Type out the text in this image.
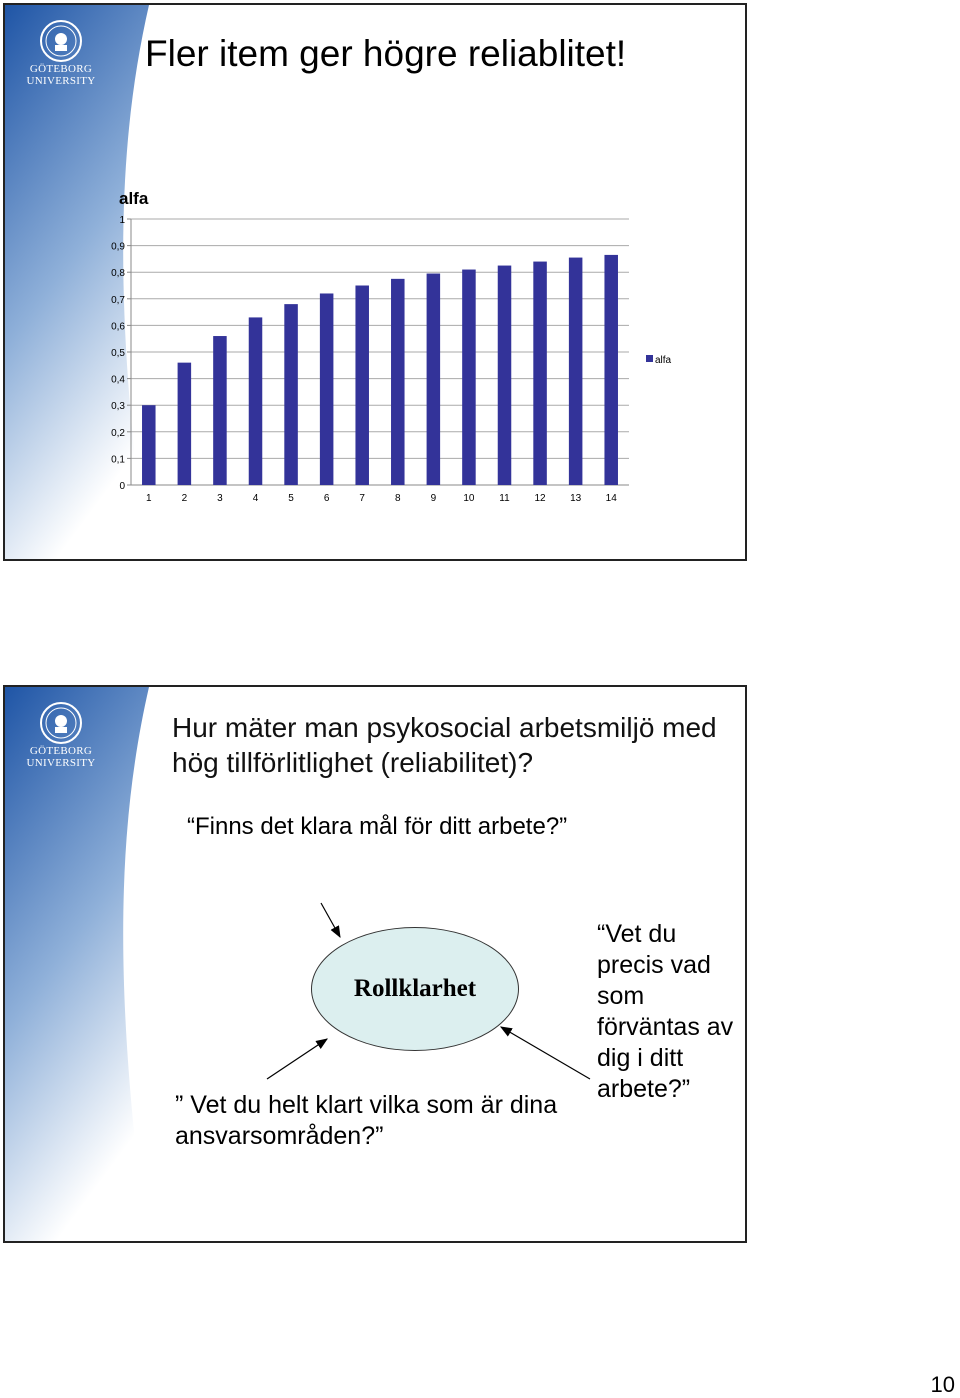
GÖTEBORG
UNIVERSITY
Fler item ger högre reliablitet!
alfa
0
0,1
0,2
0,3
0,4
0,5
0,6
0,7
0,8
0,9
1
1	2	3	4	5	6	7	8	9	10 11 12 13 14
alfa
GÖTEBORG
UNIVERSITY
Hur mäter man psykosocial arbetsmiljö med hög tillförlitlighet (reliabilitet)?
“Finns det klara mål för ditt arbete?”
Rollklarhet
“Vet du precis vad som förväntas av dig i ditt arbete?”
” Vet du helt klart vilka som är dina ansvarsområden?”
10
